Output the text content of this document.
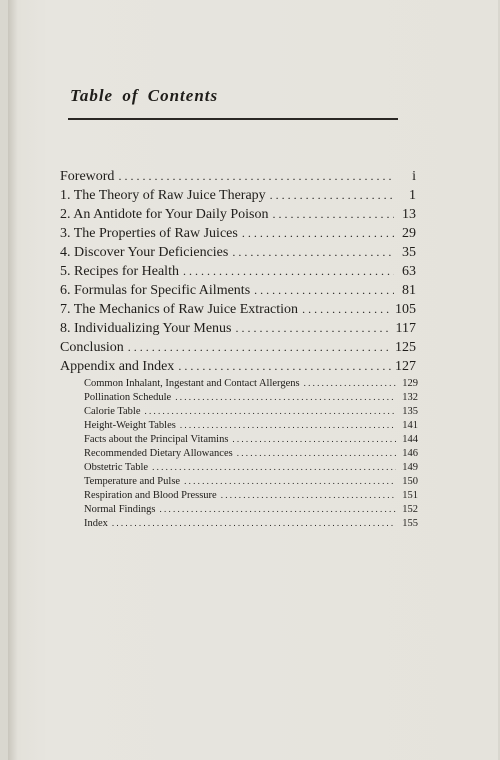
Table of Contents
Foreword . . .	i
1. The Theory of Raw Juice Therapy . . .	1
2. An Antidote for Your Daily Poison . . .	13
3. The Properties of Raw Juices . . .	29
4. Discover Your Deficiencies . . .	35
5. Recipes for Health . . .	63
6. Formulas for Specific Ailments . . .	81
7. The Mechanics of Raw Juice Extraction . . .	105
8. Individualizing Your Menus . . .	117
Conclusion . . .	125
Appendix and Index . . .	127
Common Inhalant, Ingestant and Contact Allergens . . .	129
Pollination Schedule . . .	132
Calorie Table . . .	135
Height-Weight Tables . . .	141
Facts about the Principal Vitamins . . .	144
Recommended Dietary Allowances . . .	146
Obstetric Table . . .	149
Temperature and Pulse . . .	150
Respiration and Blood Pressure . . .	151
Normal Findings . . .	152
Index . . .	155
